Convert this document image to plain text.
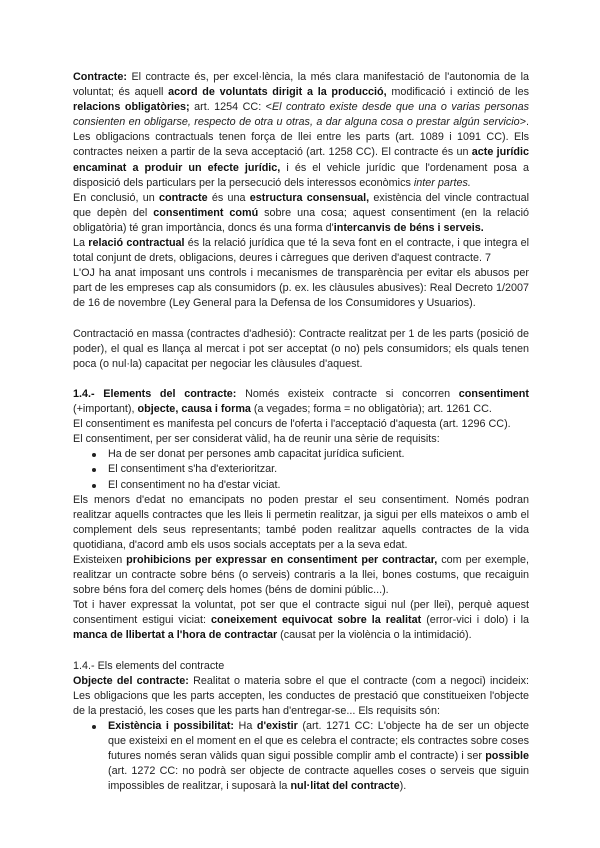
Contracte: El contracte és, per excel·lència, la més clara manifestació de l'autonomia de la voluntat; és aquell acord de voluntats dirigit a la producció, modificació i extinció de les relacions obligatòries; art. 1254 CC: <El contrato existe desde que una o varias personas consienten en obligarse, respecto de otra u otras, a dar alguna cosa o prestar algún servicio>. Les obligacions contractuals tenen força de llei entre les parts (art. 1089 i 1091 CC). Els contractes neixen a partir de la seva acceptació (art. 1258 CC). El contracte és un acte jurídic encaminat a produir un efecte jurídic, i és el vehicle jurídic que l'ordenament posa a disposició dels particulars per la persecució dels interessos econòmics inter partes.

En conclusió, un contracte és una estructura consensual, existència del vincle contractual que depèn del consentiment comú sobre una cosa; aquest consentiment (en la relació obligatòria) té gran importància, doncs és una forma d'intercanvis de béns i serveis.

La relació contractual és la relació jurídica que té la seva font en el contracte, i que integra el total conjunt de drets, obligacions, deures i càrregues que deriven d'aquest contracte. 7

L'OJ ha anat imposant uns controls i mecanismes de transparència per evitar els abusos per part de les empreses cap als consumidors (p. ex. les clàusules abusives): Real Decreto 1/2007 de 16 de novembre (Ley General para la Defensa de los Consumidores y Usuarios).

Contractació en massa (contractes d'adhesió): Contracte realitzat per 1 de les parts (posició de poder), el qual es llança al mercat i pot ser acceptat (o no) pels consumidors; els quals tenen poca (o nul·la) capacitat per negociar les clàusules d'aquest.

1.4.- Elements del contracte: Només existeix contracte si concorren consentiment (+important), objecte, causa i forma (a vegades; forma = no obligatòria); art. 1261 CC.

El consentiment es manifesta pel concurs de l'oferta i l'acceptació d'aquesta (art. 1296 CC).

El consentiment, per ser considerat vàlid, ha de reunir una sèrie de requisits:

Ha de ser donat per persones amb capacitat jurídica suficient.
El consentiment s'ha d'exterioritzar.
El consentiment no ha d'estar viciat.

Els menors d'edat no emancipats no poden prestar el seu consentiment. Només podran realitzar aquells contractes que les lleis li permetin realitzar, ja sigui per ells mateixos o amb el complement dels seus representants; també poden realitzar aquells contractes de la vida quotidiana, d'acord amb els usos socials acceptats per a la seva edat.

Existeixen prohibicions per expressar en consentiment per contractar, com per exemple, realitzar un contracte sobre béns (o serveis) contraris a la llei, bones costums, que recaiguin sobre béns fora del comerç dels homes (béns de domini públic...).

Tot i haver expressat la voluntat, pot ser que el contracte sigui nul (per llei), perquè aquest consentiment estigui viciat: coneixement equivocat sobre la realitat (error-vici i dolo) i la manca de llibertat a l'hora de contractar (causat per la violència o la intimidació).

1.4.- Els elements del contracte

Objecte del contracte: Realitat o materia sobre el que el contracte (com a negoci) incideix: Les obligacions que les parts accepten, les conductes de prestació que constitueixen l'objecte de la prestació, les coses que les parts han d'entregar-se... Els requisits són:

Existència i possibilitat: Ha d'existir (art. 1271 CC: L'objecte ha de ser un objecte que existeixi en el moment en el que es celebra el contracte; els contractes sobre coses futures només seran vàlids quan sigui possible complir amb el contracte) i ser possible (art. 1272 CC: no podrà ser objecte de contracte aquelles coses o serveis que siguin impossibles de realitzar, i suposarà la nul·litat del contracte).
